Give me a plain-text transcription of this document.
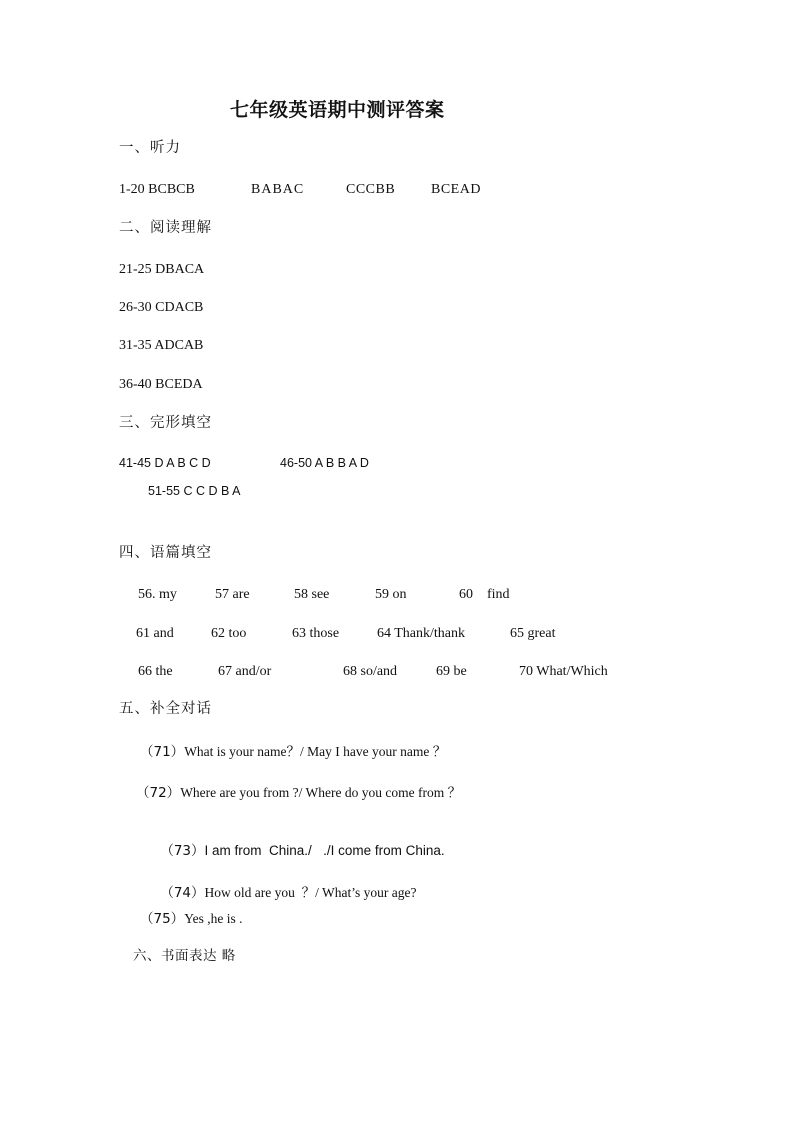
七年级英语期中测评答案
一、听力
1-20 BCBCB	BABAC	CCCBB	BCEAD
二、阅读理解
21-25 DBACA
26-30 CDACB
31-35 ADCAB
36-40 BCEDA
三、完形填空
41-45 D A B C D	46-50 A B B A D
51-55 C C D B A
四、语篇填空
56. my	57 are	58 see	59 on	60    find
61 and	62 too	63 those	64 Thank/thank	65 great
66 the	67 and/or	68 so/and	69 be	70 What/Which
五、补全对话
（71）What is your name？/ May I have your name ？
（72）Where are you from ?/ Where do you come from ？

（73）I am from  China./   ./I come from China.

（74）How old are you  ？/ What’s your age?

（75）Yes ,he is .
六、书面表达 略
